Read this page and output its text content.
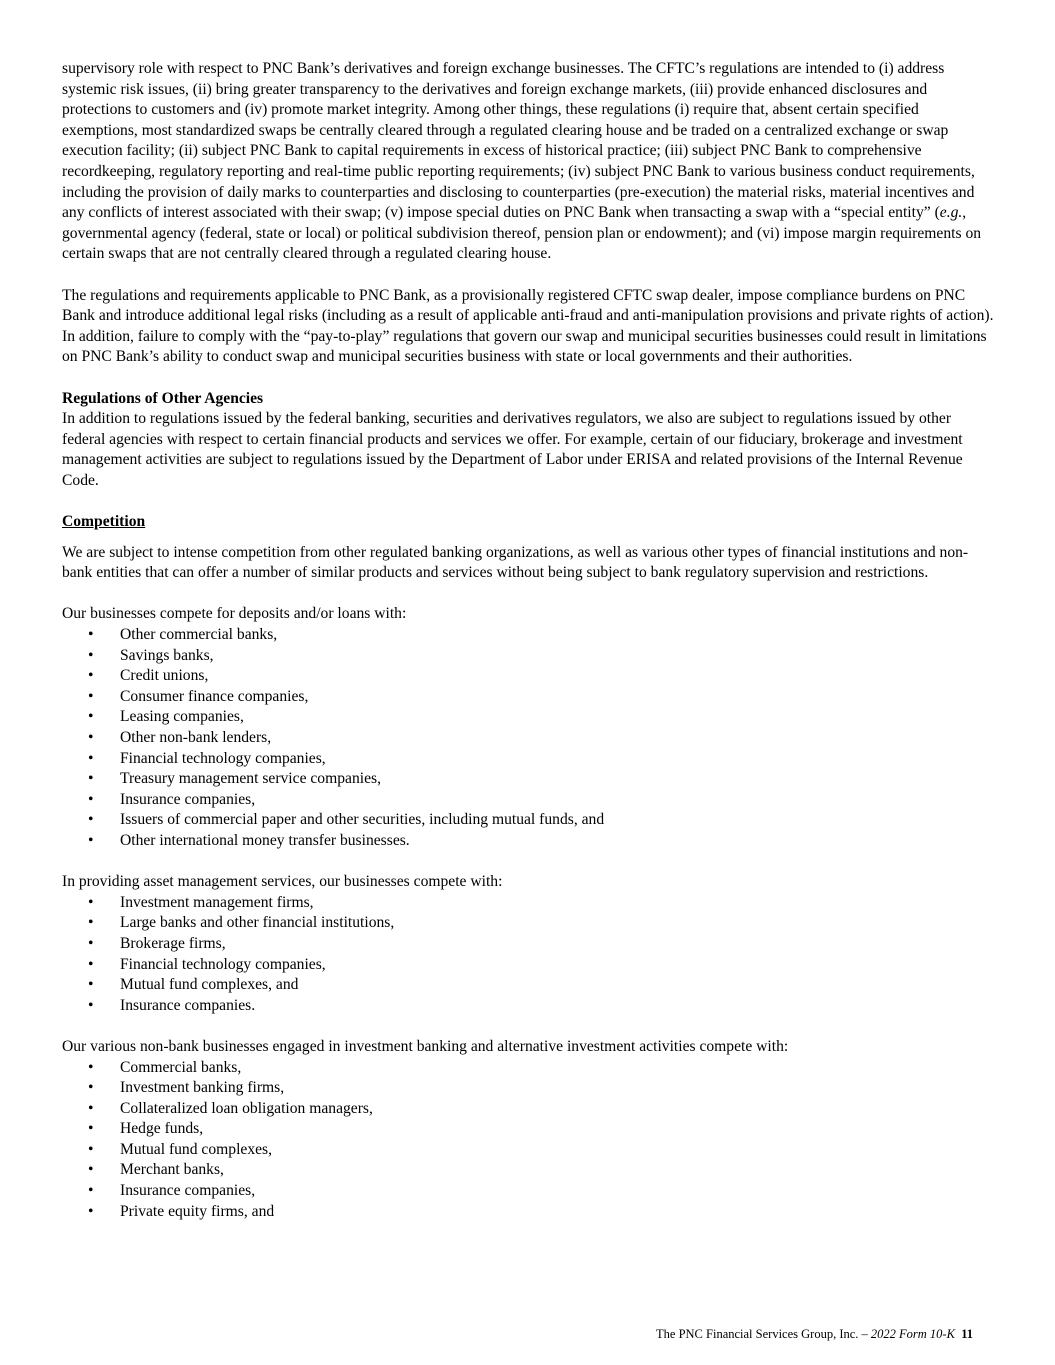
supervisory role with respect to PNC Bank’s derivatives and foreign exchange businesses. The CFTC’s regulations are intended to (i) address systemic risk issues, (ii) bring greater transparency to the derivatives and foreign exchange markets, (iii) provide enhanced disclosures and protections to customers and (iv) promote market integrity. Among other things, these regulations (i) require that, absent certain specified exemptions, most standardized swaps be centrally cleared through a regulated clearing house and be traded on a centralized exchange or swap execution facility; (ii) subject PNC Bank to capital requirements in excess of historical practice; (iii) subject PNC Bank to comprehensive recordkeeping, regulatory reporting and real-time public reporting requirements; (iv) subject PNC Bank to various business conduct requirements, including the provision of daily marks to counterparties and disclosing to counterparties (pre-execution) the material risks, material incentives and any conflicts of interest associated with their swap; (v) impose special duties on PNC Bank when transacting a swap with a “special entity” (e.g., governmental agency (federal, state or local) or political subdivision thereof, pension plan or endowment); and (vi) impose margin requirements on certain swaps that are not centrally cleared through a regulated clearing house.

The regulations and requirements applicable to PNC Bank, as a provisionally registered CFTC swap dealer, impose compliance burdens on PNC Bank and introduce additional legal risks (including as a result of applicable anti-fraud and anti-manipulation provisions and private rights of action). In addition, failure to comply with the “pay-to-play” regulations that govern our swap and municipal securities businesses could result in limitations on PNC Bank’s ability to conduct swap and municipal securities business with state or local governments and their authorities.

Regulations of Other Agencies

In addition to regulations issued by the federal banking, securities and derivatives regulators, we also are subject to regulations issued by other federal agencies with respect to certain financial products and services we offer. For example, certain of our fiduciary, brokerage and investment management activities are subject to regulations issued by the Department of Labor under ERISA and related provisions of the Internal Revenue Code.

Competition

We are subject to intense competition from other regulated banking organizations, as well as various other types of financial institutions and non-bank entities that can offer a number of similar products and services without being subject to bank regulatory supervision and restrictions.

Our businesses compete for deposits and/or loans with:

• Other commercial banks,
• Savings banks,
• Credit unions,
• Consumer finance companies,
• Leasing companies,
• Other non-bank lenders,
• Financial technology companies,
• Treasury management service companies,
• Insurance companies,
• Issuers of commercial paper and other securities, including mutual funds, and
• Other international money transfer businesses.

In providing asset management services, our businesses compete with:

• Investment management firms,
• Large banks and other financial institutions,
• Brokerage firms,
• Financial technology companies,
• Mutual fund complexes, and
• Insurance companies.

Our various non-bank businesses engaged in investment banking and alternative investment activities compete with:

• Commercial banks,
• Investment banking firms,
• Collateralized loan obligation managers,
• Hedge funds,
• Mutual fund complexes,
• Merchant banks,
• Insurance companies,
• Private equity firms, and
The PNC Financial Services Group, Inc. – 2022 Form 10-K 11
